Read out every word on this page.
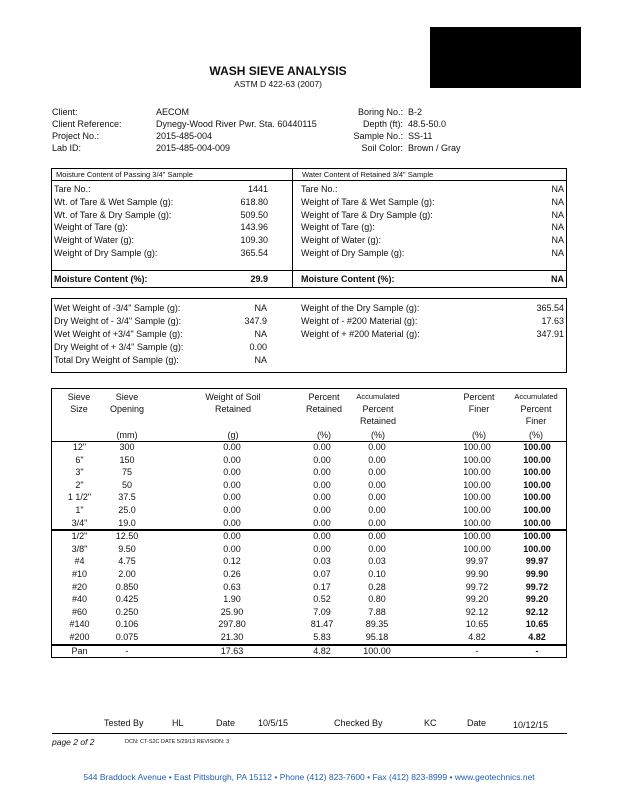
WASH SIEVE ANALYSIS
ASTM D 422-63 (2007)
Client:	AECOM
Client Reference:	Dynegy-Wood River Pwr. Sta. 60440115
Project No.:	2015-485-004
Lab ID:	2015-485-004-009
Boring No.: B-2
Depth (ft): 48.5-50.0
Sample No.: SS-11
Soil Color: Brown / Gray
Moisture Content of Passing 3/4" Sample	Water Content of Retained 3/4" Sample
Tare No.:	1441
Wt. of Tare & Wet Sample (g):	618.80
Wt. of Tare & Dry Sample (g):	509.50
Weight of Tare (g):	143.96
Weight of Water (g):	109.30
Weight of Dry Sample (g):	365.54
Tare No.:	NA
Weight of Tare & Wet Sample (g):	NA
Weight of Tare & Dry Sample (g):	NA
Weight of Tare (g):	NA
Weight of Water (g):	NA
Weight of Dry Sample (g):	NA
Moisture Content (%):	29.9	Moisture Content (%):	NA
Wet Weight of -3/4" Sample (g):	NA
Dry Weight of - 3/4" Sample (g):	347.9
Wet Weight of +3/4" Sample (g):	NA
Dry Weight of + 3/4" Sample (g):	0.00
Total Dry Weight of Sample (g):	NA
Weight of the Dry Sample (g):	365.54
Weight of - #200 Material (g):	17.63
Weight of + #200 Material (g):	347.91
Sieve
Size
Sieve
Opening
(mm)
Weight of Soil
Retained
(g)
Percent
Retained
(%)
Accumulated
Percent
Retained
(%)
Percent
Finer
(%)
Accumulated
Percent
Finer
(%)
12"	300	0.00	0.00	0.00	100.00	100.00
6"	150	0.00	0.00	0.00	100.00	100.00
3"	75	0.00	0.00	0.00	100.00	100.00
2"	50	0.00	0.00	0.00	100.00	100.00
1 1/2"	37.5	0.00	0.00	0.00	100.00	100.00
1"	25.0	0.00	0.00	0.00	100.00	100.00
3/4"	19.0	0.00	0.00	0.00	100.00	100.00
1/2"	12.50	0.00	0.00	0.00	100.00	100.00
3/8"	9.50	0.00	0.00	0.00	100.00	100.00
#4	4.75	0.12	0.03	0.03	99.97	99.97
#10	2.00	0.26	0.07	0.10	99.90	99.90
#20	0.850	0.63	0.17	0.28	99.72	99.72
#40	0.425	1.90	0.52	0.80	99.20	99.20
#60	0.250	25.90	7.09	7.88	92.12	92.12
#140	0.106	297.80	81.47	89.35	10.65	10.65
#200	0.075	21.30	5.83	95.18	4.82	4.82
Pan	-	17.63	4.82	100.00	-	-
Tested By	HL	Date	10/5/15	Checked By	KC	Date	10/12/15
page 2 of 2	DCN: CT-S2C DATE 5/29/13 REVISION: 3
544 Braddock Avenue • East Pittsburgh, PA 15112 • Phone (412) 823-7600 • Fax (412) 823-8999 • www.geotechnics.net
